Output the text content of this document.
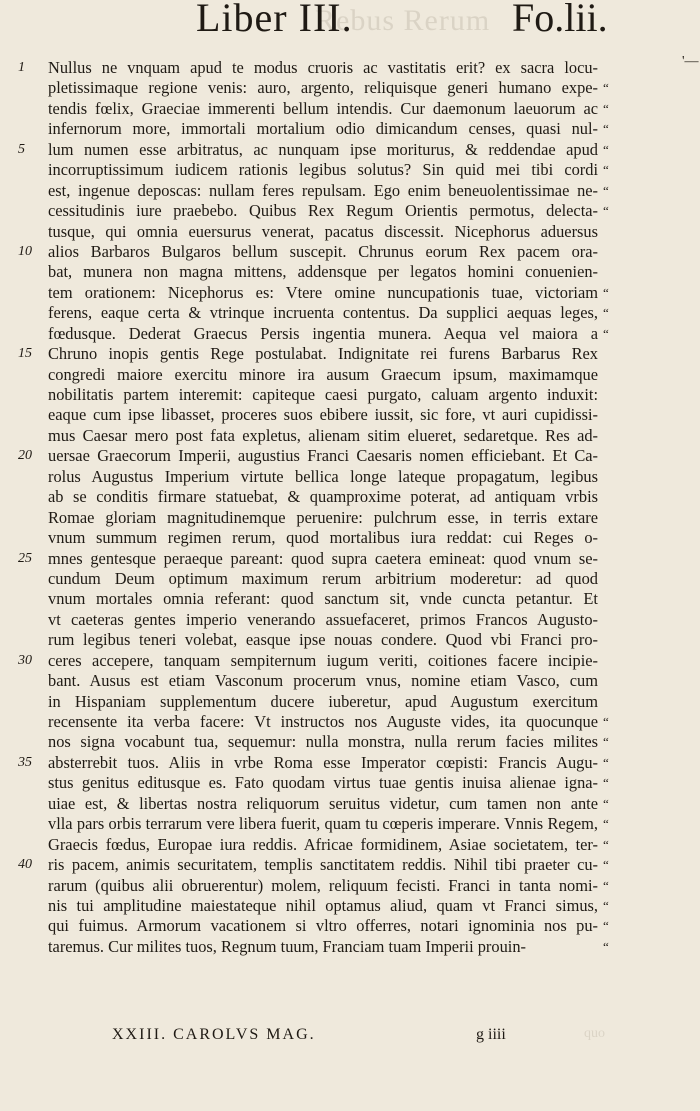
Rebus Rerum
Liber III.	Fo.lii.
'—
Nullus ne vnquam apud te modus cruoris ac vastitatis erit? ex sacra locu-
1
pletissimaque regione venis: auro, argento, reliquisque generi humano expe- “
tendis fœlix, Graeciae immerenti bellum intendis. Cur daemonum laeuorum ac “
infernorum more, immortali mortalium odio dimicandum censes, quasi nul- “
lum numen esse arbitratus, ac nunquam ipse moriturus, & reddendae apud
5	“
incorruptissimum iudicem rationis legibus solutus? Sin quid mei tibi cordi “
est, ingenue deposcas: nullam feres repulsam. Ego enim beneuolentissimae ne- “
cessitudinis iure praebebo. Quibus Rex Regum Orientis permotus, delecta- “
tusque, qui omnia euersurus venerat, pacatus discessit. Nicephorus aduersus
alios Barbaros Bulgaros bellum suscepit. Chrunus eorum Rex pacem ora-
10
bat, munera non magna mittens, addensque per legatos homini conuenien-
tem orationem: Nicephorus es: Vtere omine nuncupationis tuae, victoriam “
ferens, eaque certa & vtrinque incruenta contentus. Da supplici aequas leges, “
fœdusque. Dederat Graecus Persis ingentia munera. Aequa vel maiora a “
Chruno inopis gentis Rege postulabat. Indignitate rei furens Barbarus Rex
15
congredi maiore exercitu minore ira ausum Graecum ipsum, maximamque
nobilitatis partem interemit: capiteque caesi purgato, caluam argento induxit:
eaque cum ipse libasset, proceres suos ebibere iussit, sic fore, vt auri cupidissi-
mus Caesar mero post fata expletus, alienam sitim elueret, sedaretque. Res ad-
uersae Graecorum Imperii, augustius Franci Caesaris nomen efficiebant. Et Ca-
20
rolus Augustus Imperium virtute bellica longe lateque propagatum, legibus
ab se conditis firmare statuebat, & quamproxime poterat, ad antiquam vrbis
Romae gloriam magnitudinemque peruenire: pulchrum esse, in terris extare
vnum summum regimen rerum, quod mortalibus iura reddat: cui Reges o-
mnes gentesque peraeque pareant: quod supra caetera emineat: quod vnum se-
25
cundum Deum optimum maximum rerum arbitrium moderetur: ad quod
vnum mortales omnia referant: quod sanctum sit, vnde cuncta petantur. Et
vt caeteras gentes imperio venerando assuefaceret, primos Francos Augusto-
rum legibus teneri volebat, easque ipse nouas condere. Quod vbi Franci pro-
ceres accepere, tanquam sempiternum iugum veriti, coitiones facere incipie-
30
bant. Ausus est etiam Vasconum procerum vnus, nomine etiam Vasco, cum
in Hispaniam supplementum ducere iuberetur, apud Augustum exercitum
recensente ita verba facere: Vt instructos nos Auguste vides, ita quocunque “
nos signa vocabunt tua, sequemur: nulla monstra, nulla rerum facies milites “
absterrebit tuos. Aliis in vrbe Roma esse Imperator cœpisti: Francis Augu-
35	“
stus genitus editusque es. Fato quodam virtus tuae gentis inuisa alienae igna- “
uiae est, & libertas nostra reliquorum seruitus videtur, cum tamen non ante “
vlla pars orbis terrarum vere libera fuerit, quam tu cœperis imperare. Vnnis Regem, “
Graecis fœdus, Europae iura reddis. Africae formidinem, Asiae societatem, ter- “
ris pacem, animis securitatem, templis sanctitatem reddis. Nihil tibi praeter cu-
40	“
rarum (quibus alii obruerentur) molem, reliquum fecisti. Franci in tanta nomi- “
nis tui amplitudine maiestateque nihil optamus aliud, quam vt Franci simus, “
qui fuimus. Armorum vacationem si vltro offerres, notari ignominia nos pu- “
taremus. Cur milites tuos, Regnum tuum, Franciam tuam Imperii prouin-	“
XXIII. CAROLVS MAG.	g iiii	quo
